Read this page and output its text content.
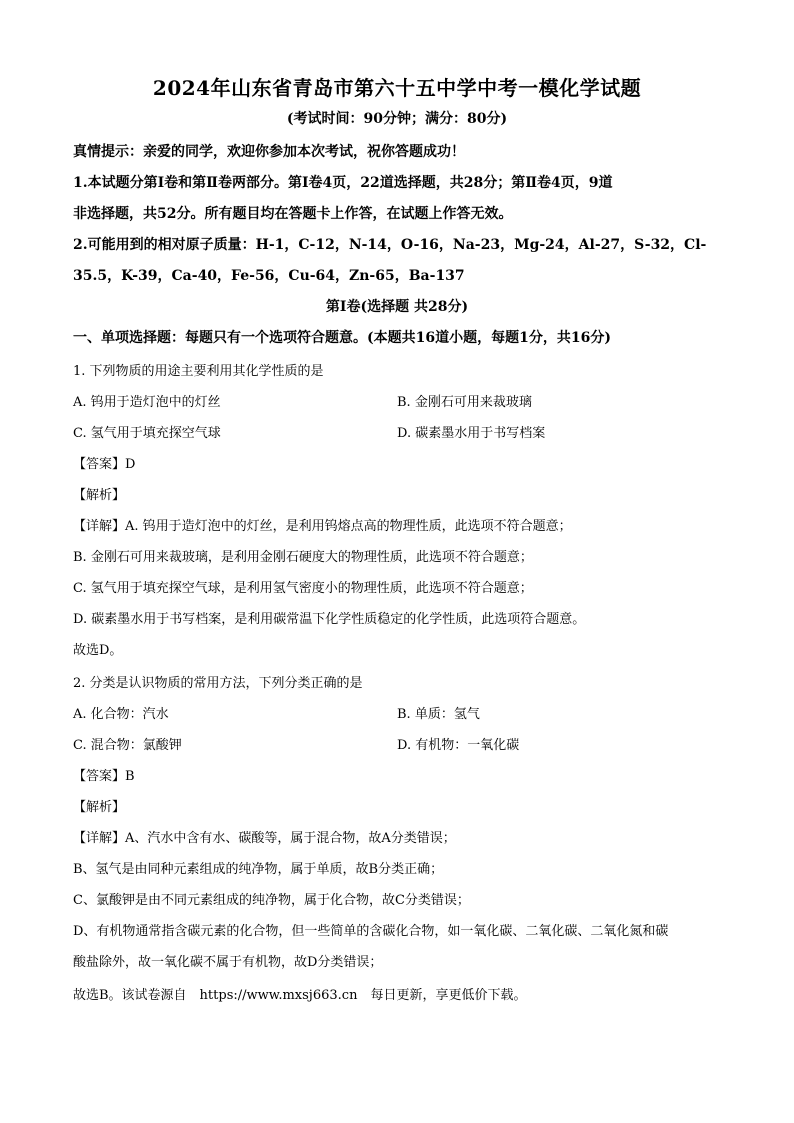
2024年山东省青岛市第六十五中学中考一模化学试题
(考试时间：90分钟；满分：80分)
真情提示：亲爱的同学，欢迎你参加本次考试，祝你答题成功！
1.本试题分第Ⅰ卷和第Ⅱ卷两部分。第Ⅰ卷4页，22道选择题，共28分；第Ⅱ卷4页，9道
非选择题，共52分。所有题目均在答题卡上作答，在试题上作答无效。
2.可能用到的相对原子质量：H-1，C-12，N-14，O-16，Na-23，Mg-24，Al-27，S-32，Cl-
35.5，K-39，Ca-40，Fe-56，Cu-64，Zn-65，Ba-137
第Ⅰ卷(选择题 共28分)
一、单项选择题：每题只有一个选项符合题意。(本题共16道小题，每题1分，共16分)
1. 下列物质的用途主要利用其化学性质的是
A. 钨用于造灯泡中的灯丝	B. 金刚石可用来裁玻璃
C. 氢气用于填充探空气球	D. 碳素墨水用于书写档案
【答案】D
【解析】
【详解】A. 钨用于造灯泡中的灯丝，是利用钨熔点高的物理性质，此选项不符合题意；
B. 金刚石可用来裁玻璃，是利用金刚石硬度大的物理性质，此选项不符合题意；
C. 氢气用于填充探空气球，是利用氢气密度小的物理性质，此选项不符合题意；
D. 碳素墨水用于书写档案，是利用碳常温下化学性质稳定的化学性质，此选项符合题意。
故选D。
2. 分类是认识物质的常用方法，下列分类正确的是
A. 化合物：汽水	B. 单质：氢气
C. 混合物：氯酸钾	D. 有机物：一氧化碳
【答案】B
【解析】
【详解】A、汽水中含有水、碳酸等，属于混合物，故A分类错误；
B、氢气是由同种元素组成的纯净物，属于单质，故B分类正确；
C、氯酸钾是由不同元素组成的纯净物，属于化合物，故C分类错误；
D、有机物通常指含碳元素的化合物，但一些简单的含碳化合物，如一氧化碳、二氧化碳、二氧化氮和碳
酸盐除外，故一氧化碳不属于有机物，故D分类错误；
故选B。该试卷源自　https://www.mxsj663.cn　每日更新，享更低价下载。
